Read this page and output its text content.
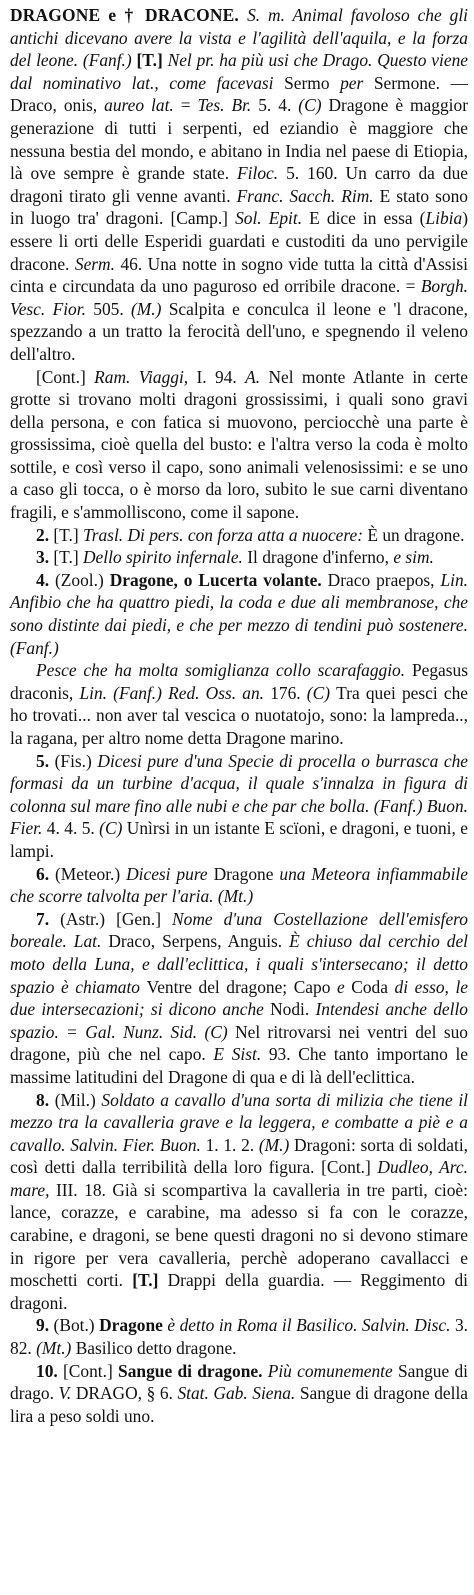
DRAGONE e † DRACONE. S. m. Animal favoloso che gli antichi dicevano avere la vista e l'agilità dell'aquila, e la forza del leone. (Fanf.) [T.] Nel pr. ha più usi che Drago. Questo viene dal nominativo lat., come facevasi Sermo per Sermone. — Draco, onis, aureo lat. = Tes. Br. 5. 4. (C) Dragone è maggior generazione di tutti i serpenti, ed eziandio è maggiore che nessuna bestia del mondo, e abitano in India nel paese di Etiopia, là ove sempre è grande state. Filoc. 5. 160. Un carro da due dragoni tirato gli venne avanti. Franc. Sacch. Rim. E stato sono in luogo tra' dragoni. [Camp.] Sol. Epit. E dice in essa (Libia) essere li orti delle Esperidi guardati e custoditi da uno pervigile dracone. Serm. 46. Una notte in sogno vide tutta la città d'Assisi cinta e circundata da uno paguroso ed orribile dracone. = Borgh. Vesc. Fior. 505. (M.) Scalpita e conculca il leone e 'l dracone, spezzando a un tratto la ferocità dell'uno, e spegnendo il veleno dell'altro.

[Cont.] Ram. Viaggi, I. 94. A. Nel monte Atlante in certe grotte si trovano molti dragoni grossissimi, i quali sono gravi della persona, e con fatica si muovono, perciocchè una parte è grossissima, cioè quella del busto: e l'altra verso la coda è molto sottile, e così verso il capo, sono animali velenosissimi: e se uno a caso gli tocca, o è morso da loro, subito le sue carni diventano fragili, e s'ammolliscono, come il sapone.

2. [T.] Trasl. Di pers. con forza atta a nuocere: È un dragone.

3. [T.] Dello spirito infernale. Il dragone d'inferno, e sim.

4. (Zool.) Dragone, o Lucerta volante. Draco praepos, Lin. Anfibio che ha quattro piedi, la coda e due ali membranose, che sono distinte dai piedi, e che per mezzo di tendini può sostenere. (Fanf.)

Pesce che ha molta somiglianza collo scarafaggio. Pegasus draconis, Lin. (Fanf.) Red. Oss. an. 176. (C) Tra quei pesci che ho trovati... non aver tal vescica o nuotatojo, sono: la lampreda.., la ragana, per altro nome detta Dragone marino.

5. (Fis.) Dicesi pure d'una Specie di procella o burrasca che formasi da un turbine d'acqua, il quale s'innalza in figura di colonna sul mare fino alle nubi e che par che bolla. (Fanf.) Buon. Fier. 4. 4. 5. (C) Unìrsi in un istante E scïoni, e dragoni, e tuoni, e lampi.

6. (Meteor.) Dicesi pure Dragone una Meteora infiammabile che scorre talvolta per l'aria. (Mt.)

7. (Astr.) [Gen.] Nome d'una Costellazione dell'emisfero boreale. Lat. Draco, Serpens, Anguis. È chiuso dal cerchio del moto della Luna, e dall'eclittica, i quali s'intersecano; il detto spazio è chiamato Ventre del dragone; Capo e Coda di esso, le due intersecazioni; si dicono anche Nodi. Intendesi anche dello spazio. = Gal. Nunz. Sid. (C) Nel ritrovarsi nei ventri del suo dragone, più che nel capo. E Sist. 93. Che tanto importano le massime latitudini del Dragone di qua e di là dell'eclittica.

8. (Mil.) Soldato a cavallo d'una sorta di milizia che tiene il mezzo tra la cavalleria grave e la leggera, e combatte a piè e a cavallo. Salvin. Fier. Buon. 1. 1. 2. (M.) Dragoni: sorta di soldati, così detti dalla terribilità della loro figura. [Cont.] Dudleo, Arc. mare, III. 18. Già si scompartiva la cavalleria in tre parti, cioè: lance, corazze, e carabine, ma adesso si fa con le corazze, carabine, e dragoni, se bene questi dragoni no si devono stimare in rigore per vera cavalleria, perchè adoperano cavallacci e moschetti corti. [T.] Drappi della guardia. — Reggimento di dragoni.

9. (Bot.) Dragone è detto in Roma il Basilico. Salvin. Disc. 3. 82. (Mt.) Basilico detto dragone.

10. [Cont.] Sangue di dragone. Più comunemente Sangue di drago. V. DRAGO, § 6. Stat. Gab. Siena. Sangue di dragone della lira a peso soldi uno.
